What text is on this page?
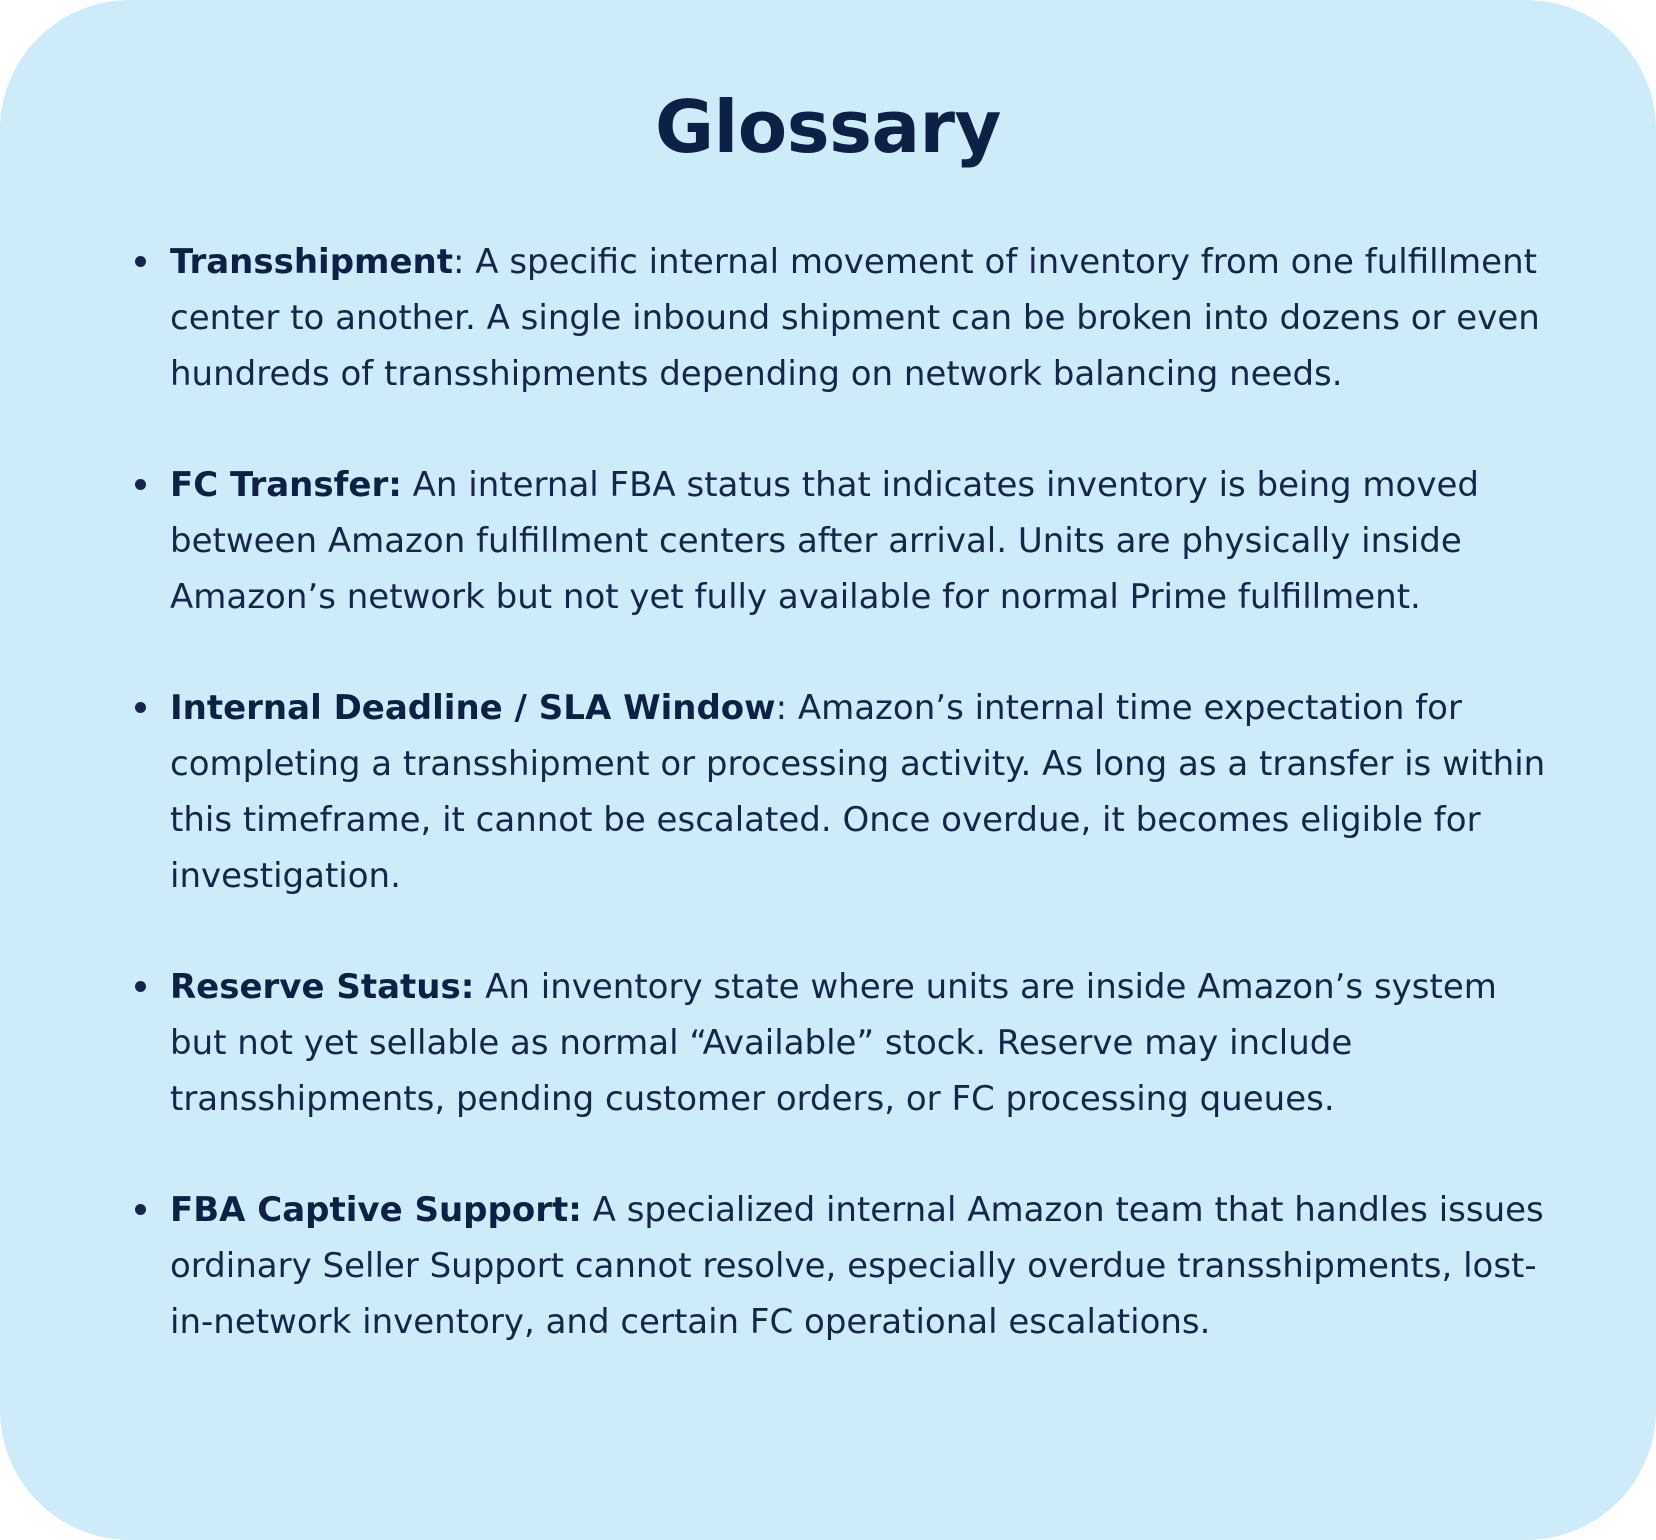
Glossary
Transshipment: A specific internal movement of inventory from one fulfillment center to another. A single inbound shipment can be broken into dozens or even hundreds of transshipments depending on network balancing needs.
FC Transfer: An internal FBA status that indicates inventory is being moved between Amazon fulfillment centers after arrival. Units are physically inside Amazon’s network but not yet fully available for normal Prime fulfillment.
Internal Deadline / SLA Window: Amazon’s internal time expectation for completing a transshipment or processing activity. As long as a transfer is within this timeframe, it cannot be escalated. Once overdue, it becomes eligible for investigation.
Reserve Status: An inventory state where units are inside Amazon’s system but not yet sellable as normal “Available” stock. Reserve may include transshipments, pending customer orders, or FC processing queues.
FBA Captive Support: A specialized internal Amazon team that handles issues ordinary Seller Support cannot resolve, especially overdue transshipments, lost-in-network inventory, and certain FC operational escalations.
